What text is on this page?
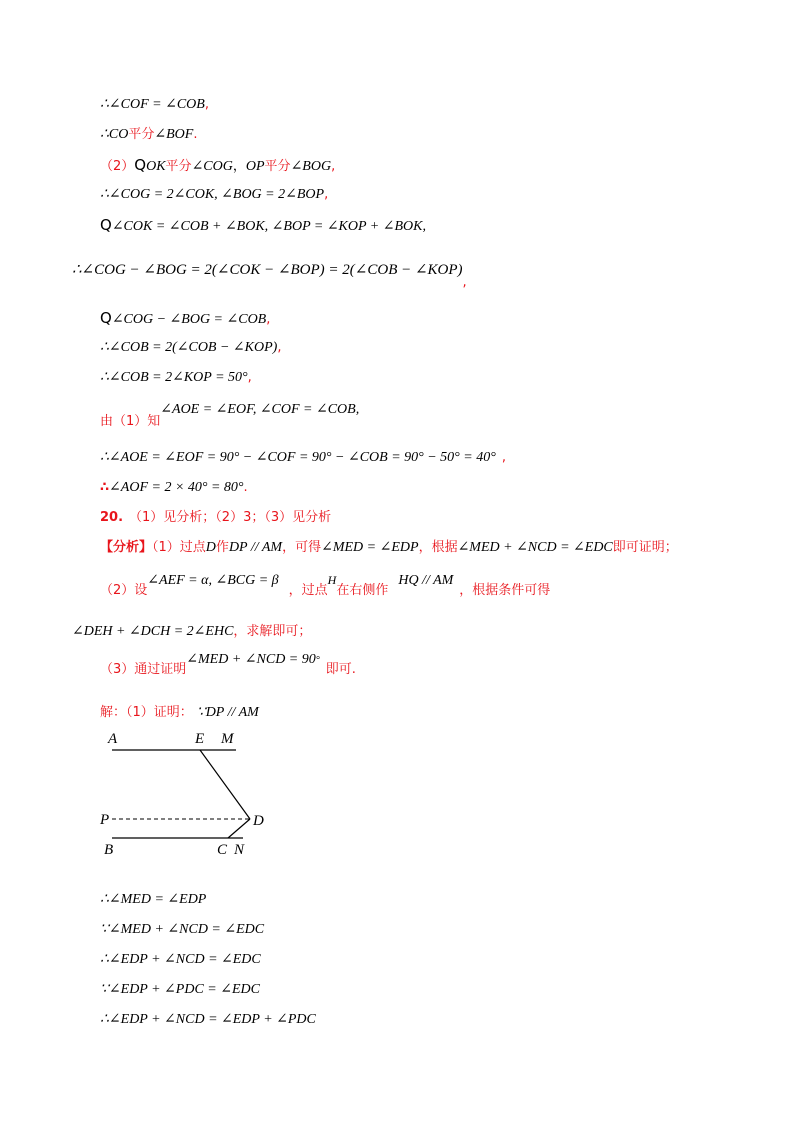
∴∠COF = ∠COB,
∴CO平分∠BOF.
（2）QOK平分∠COG，OP平分∠BOG,
∴∠COG = 2∠COK, ∠BOG = 2∠BOP,
Q∠COK = ∠COB + ∠BOK, ∠BOP = ∠KOP + ∠BOK,
∴∠COG − ∠BOG = 2(∠COK − ∠BOP) = 2(∠COB − ∠KOP),
Q∠COG − ∠BOG = ∠COB,
∴∠COB = 2(∠COB − ∠KOP),
∴∠COB = 2∠KOP = 50°,
由（1）知∠AOE = ∠EOF, ∠COF = ∠COB,
∴∠AOE = ∠EOF = 90° − ∠COF = 90° − ∠COB = 90° − 50° = 40° ,
∴∠AOF = 2 × 40° = 80°.
20. （1）见分析；（2）3；（3）见分析
【分析】（1）过点D作DP // AM，可得∠MED = ∠EDP，根据∠MED + ∠NCD = ∠EDC即可证明；
（2）设∠AEF = α, ∠BCG = β，过点H在右侧作HQ // AM，根据条件可得
∠DEH + ∠DCH = 2∠EHC，求解即可；
（3）通过证明∠MED + ∠NCD = 90°即可.
解：（1）证明： ∵DP // AM
A	E M
P	D
B	C N
∴∠MED = ∠EDP
∵∠MED + ∠NCD = ∠EDC
∴∠EDP + ∠NCD = ∠EDC
∵∠EDP + ∠PDC = ∠EDC
∴∠EDP + ∠NCD = ∠EDP + ∠PDC
